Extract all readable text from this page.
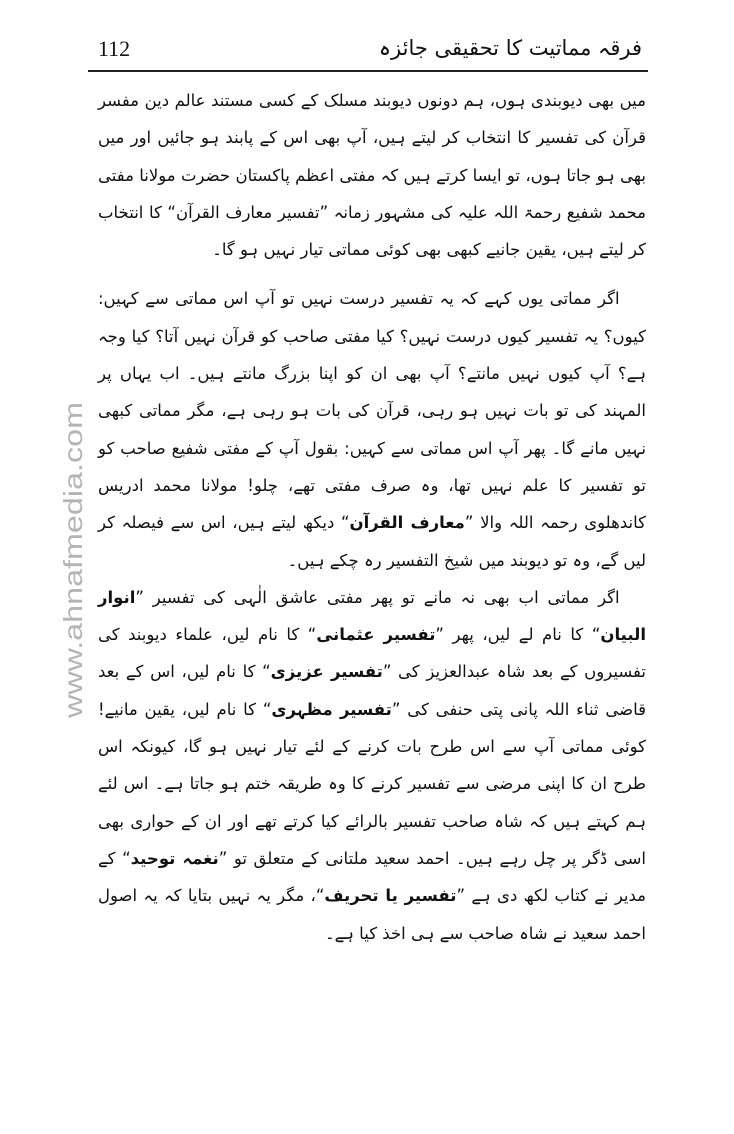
112	فرقہ مماتیت کا تحقیقی جائزہ
www.ahnafmedia.com

میں بھی دیوبندی ہوں، ہم دونوں دیوبند مسلک کے کسی مستند عالم دین مفسر قرآن کی تفسیر کا انتخاب کر لیتے ہیں، آپ بھی اس کے پابند ہو جائیں اور میں بھی ہو جاتا ہوں، تو ایسا کرتے ہیں کہ مفتی اعظم پاکستان حضرت مولانا مفتی محمد شفیع رحمۃ اللہ علیہ کی مشہور زمانہ ”تفسیر معارف القرآن“ کا انتخاب کر لیتے ہیں، یقین جانیے کبھی بھی کوئی مماتی تیار نہیں ہو گا۔

اگر مماتی یوں کہے کہ یہ تفسیر درست نہیں تو آپ اس مماتی سے کہیں: کیوں؟ یہ تفسیر کیوں درست نہیں؟ کیا مفتی صاحب کو قرآن نہیں آتا؟ کیا وجہ ہے؟ آپ کیوں نہیں مانتے؟ آپ بھی ان کو اپنا بزرگ مانتے ہیں۔ اب یہاں پر المہند کی تو بات نہیں ہو رہی، قرآن کی بات ہو رہی ہے، مگر مماتی کبھی نہیں مانے گا۔ پھر آپ اس مماتی سے کہیں: بقول آپ کے مفتی شفیع صاحب کو تو تفسیر کا علم نہیں تھا، وہ صرف مفتی تھے، چلو! مولانا محمد ادریس کاندھلوی رحمہ اللہ والا ”معارف القرآن“ دیکھ لیتے ہیں، اس سے فیصلہ کر لیں گے، وہ تو دیوبند میں شیخ التفسیر رہ چکے ہیں۔

اگر مماتی اب بھی نہ مانے تو پھر مفتی عاشق الٰہی کی تفسیر ”انوار البیان“ کا نام لے لیں، پھر ”تفسیر عثمانی“ کا نام لیں، علماء دیوبند کی تفسیروں کے بعد شاہ عبدالعزیز کی ”تفسیر عزیزی“ کا نام لیں، اس کے بعد قاضی ثناء اللہ پانی پتی حنفی کی ”تفسیر مظہری“ کا نام لیں، یقین مانیے! کوئی مماتی آپ سے اس طرح بات کرنے کے لئے تیار نہیں ہو گا، کیونکہ اس طرح ان کا اپنی مرضی سے تفسیر کرنے کا وہ طریقہ ختم ہو جاتا ہے۔ اس لئے ہم کہتے ہیں کہ شاہ صاحب تفسیر بالرائے کیا کرتے تھے اور ان کے حواری بھی اسی ڈگر پر چل رہے ہیں۔ احمد سعید ملتانی کے متعلق تو ”نغمہ توحید“ کے مدیر نے کتاب لکھ دی ہے ”تفسیر یا تحریف“، مگر یہ نہیں بتایا کہ یہ اصول احمد سعید نے شاہ صاحب سے ہی اخذ کیا ہے۔
